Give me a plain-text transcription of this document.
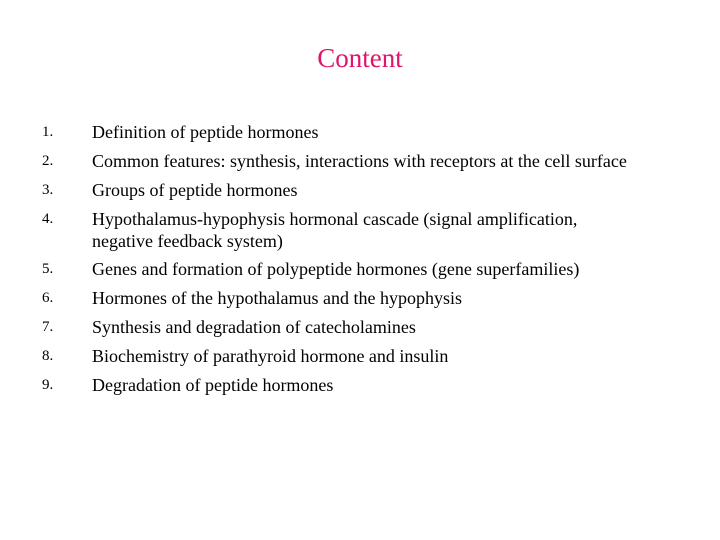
Content
1.	Definition of peptide hormones
2.	Common features: synthesis, interactions with receptors at the cell surface
3.	Groups of peptide hormones
4.	Hypothalamus-hypophysis hormonal cascade (signal amplification, negative feedback system)
5.	Genes and formation of polypeptide hormones (gene superfamilies)
6.	Hormones of the hypothalamus and the hypophysis
7.	Synthesis and degradation of catecholamines
8.	Biochemistry of parathyroid hormone and insulin
9.	Degradation of peptide hormones
